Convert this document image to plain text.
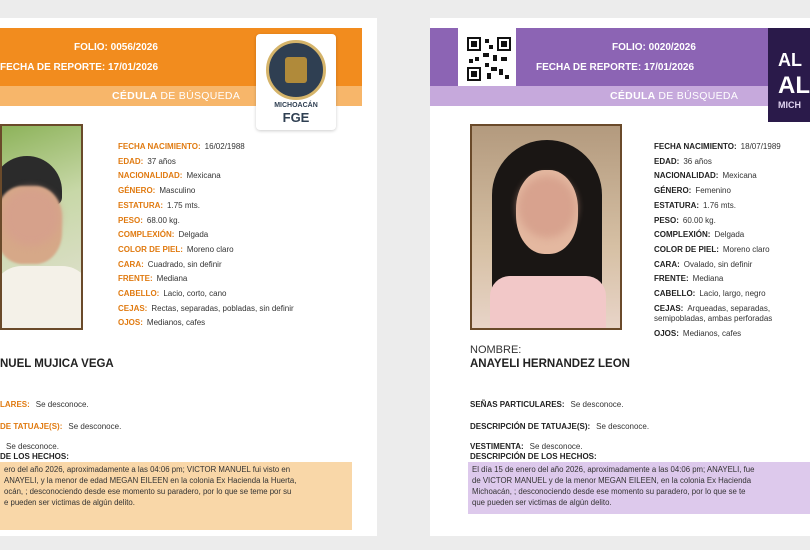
FOLIO: 0056/2026
FECHA DE REPORTE: 17/01/2026
CÉDULA DE BÚSQUEDA
MICHOACÁN
FGE
FECHA NACIMIENTO: 16/02/1988
EDAD: 37 años
NACIONALIDAD: Mexicana
GÉNERO: Masculino
ESTATURA: 1.75 mts.
PESO: 68.00 kg.
COMPLEXIÓN: Delgada
COLOR DE PIEL: Moreno claro
CARA: Cuadrado, sin definir
FRENTE: Mediana
CABELLO: Lacio, corto, cano
CEJAS: Rectas, separadas, pobladas, sin definir
OJOS: Medianos, cafes
NUEL MUJICA VEGA
LARES: Se desconoce.
DE TATUAJE(S): Se desconoce.
Se desconoce.
DE LOS HECHOS:
ero del año 2026, aproximadamente a las 04:06 pm; VICTOR MANUEL fui visto en
ANAYELI, y la menor de edad MEGAN EILEEN en la colonia Ex Hacienda la Huerta,
ocán, ; desconociendo desde ese momento su paradero, por lo que se teme por su
e pueden ser victimas de algún delito.
FOLIO: 0020/2026
FECHA DE REPORTE: 17/01/2026
CÉDULA DE BÚSQUEDA
AL
AL
MICH
FECHA NACIMIENTO: 18/07/1989
EDAD: 36 años
NACIONALIDAD: Mexicana
GÉNERO: Femenino
ESTATURA: 1.76 mts.
PESO: 60.00 kg.
COMPLEXIÓN: Delgada
COLOR DE PIEL: Moreno claro
CARA: Ovalado, sin definir
FRENTE: Mediana
CABELLO: Lacio, largo, negro
CEJAS: Arqueadas, separadas, semipobladas, ambas perforadas
OJOS: Medianos, cafes
NOMBRE:
ANAYELI HERNANDEZ LEON
SEÑAS PARTICULARES: Se desconoce.
DESCRIPCIÓN DE TATUAJE(S): Se desconoce.
VESTIMENTA: Se desconoce.
DESCRIPCIÓN DE LOS HECHOS:
El día 15 de enero del año 2026, aproximadamente a las 04:06 pm; ANAYELI, fue
de VICTOR MANUEL y de la menor MEGAN EILEEN, en la colonia Ex Hacienda
Michoacán, ; desconociendo desde ese momento su paradero, por lo que se te
que pueden ser victimas de algún delito.
